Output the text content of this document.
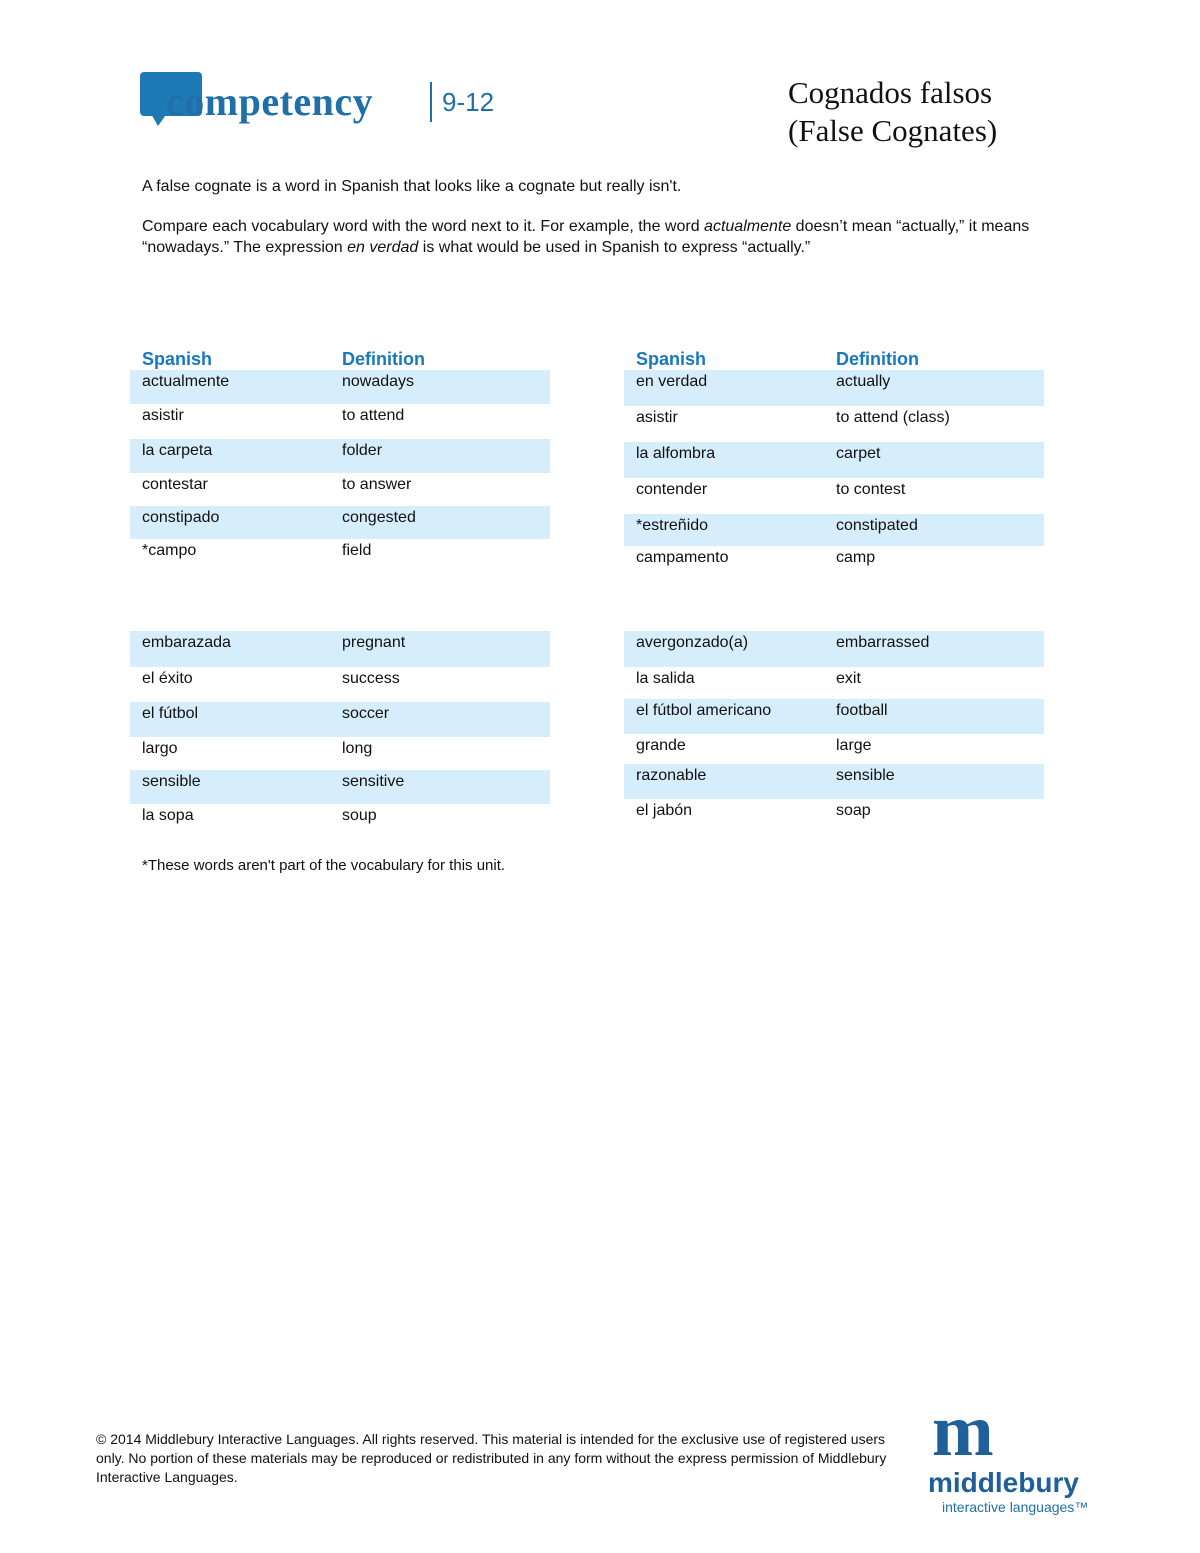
competency	9-12	Cognados falsos
(False Cognates)

A false cognate is a word in Spanish that looks like a cognate but really isn't.

Compare each vocabulary word with the word next to it. For example, the word actualmente doesn’t mean “actually,” it means “nowadays.” The expression en verdad is what would be used in Spanish to express “actually.”

Spanish	Definition
actualmente	nowadays
asistir	to attend
la carpeta	folder
contestar	to answer
constipado	congested
*campo	field
Spanish	Definition
en verdad	actually
asistir	to attend (class)
la alfombra	carpet
contender	to contest
*estreñido	constipated
campamento	camp
embarazada	pregnant
el éxito	success
el fútbol	soccer
largo	long
sensible	sensitive
la sopa	soup
avergonzado(a)	embarrassed
la salida	exit
el fútbol americano	football
grande	large
razonable	sensible
el jabón	soap
*These words aren't part of the vocabulary for this unit.
© 2014 Middlebury Interactive Languages. All rights reserved. This material is intended for the exclusive use of registered users only. No portion of these materials may be reproduced or redistributed in any form without the express permission of Middlebury Interactive Languages.
m
middlebury
interactive languages™
